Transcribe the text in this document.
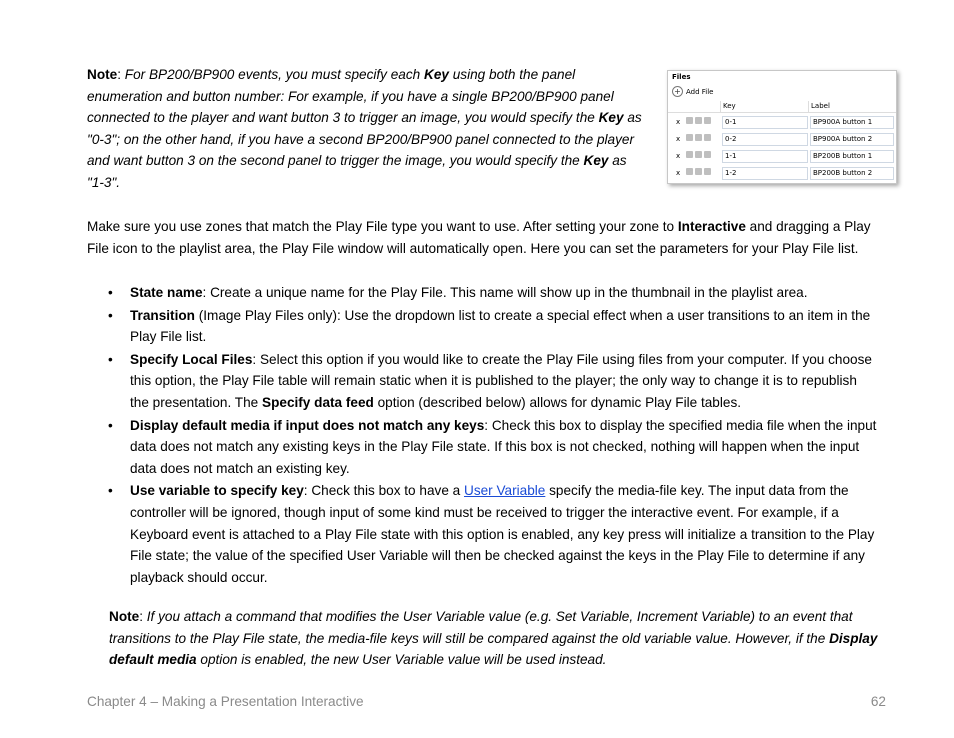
Note: For BP200/BP900 events, you must specify each Key using both the panel enumeration and button number: For example, if you have a single BP200/BP900 panel connected to the player and want button 3 to trigger an image, you would specify the Key as "0-3"; on the other hand, if you have a second BP200/BP900 panel connected to the player and want button 3 on the second panel to trigger the image, you would specify the Key as "1-3".
Files
+ Add File
Key	Label
x	0-1	BP900A button 1
x	0-2	BP900A button 2
x	1-1	BP200B button 1
x	1-2	BP200B button 2
Make sure you use zones that match the Play File type you want to use. After setting your zone to Interactive and dragging a Play File icon to the playlist area, the Play File window will automatically open. Here you can set the parameters for your Play File list.
• State name: Create a unique name for the Play File. This name will show up in the thumbnail in the playlist area.
• Transition (Image Play Files only): Use the dropdown list to create a special effect when a user transitions to an item in the Play File list.
• Specify Local Files: Select this option if you would like to create the Play File using files from your computer. If you choose this option, the Play File table will remain static when it is published to the player; the only way to change it is to republish the presentation. The Specify data feed option (described below) allows for dynamic Play File tables.
• Display default media if input does not match any keys: Check this box to display the specified media file when the input data does not match any existing keys in the Play File state. If this box is not checked, nothing will happen when the input data does not match an existing key.
• Use variable to specify key: Check this box to have a User Variable specify the media-file key. The input data from the controller will be ignored, though input of some kind must be received to trigger the interactive event. For example, if a Keyboard event is attached to a Play File state with this option is enabled, any key press will initialize a transition to the Play File state; the value of the specified User Variable will then be checked against the keys in the Play File to determine if any playback should occur.
Note: If you attach a command that modifies the User Variable value (e.g. Set Variable, Increment Variable) to an event that transitions to the Play File state, the media-file keys will still be compared against the old variable value. However, if the Display default media option is enabled, the new User Variable value will be used instead.
Chapter 4 – Making a Presentation Interactive	62
